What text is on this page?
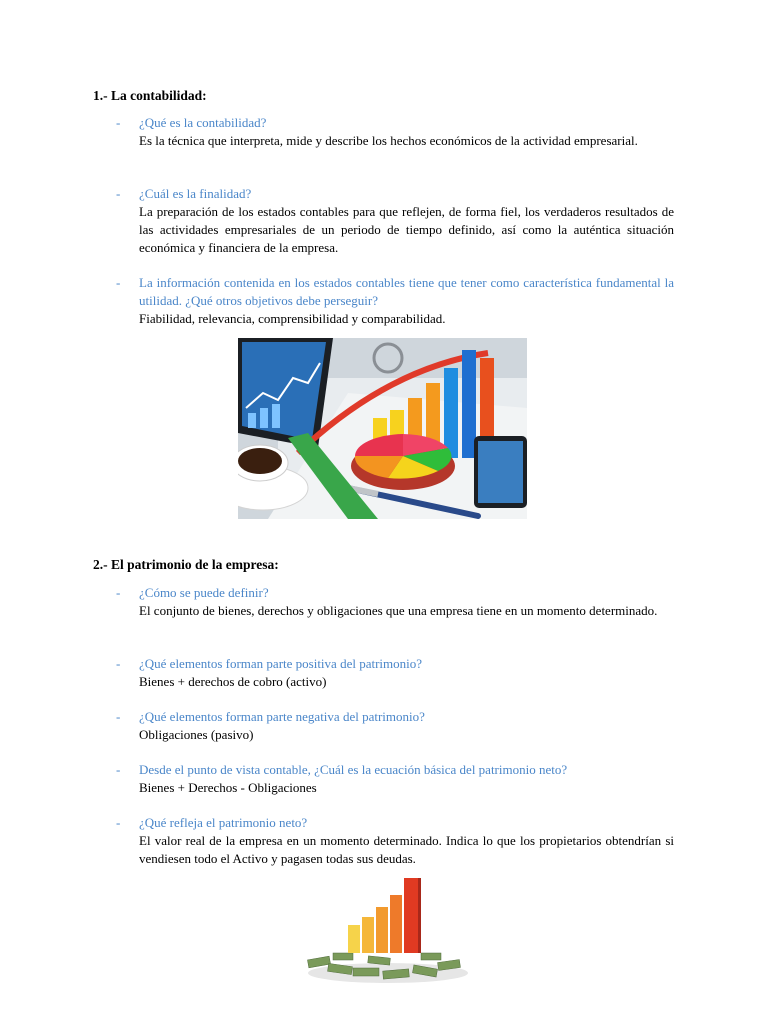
1.- La contabilidad:
- ¿Qué es la contabilidad?
Es la técnica que interpreta, mide y describe los hechos económicos de la actividad empresarial.
- ¿Cuál es la finalidad?
La preparación de los estados contables para que reflejen, de forma fiel, los verdaderos resultados de las actividades empresariales de un periodo de tiempo definido, así como la auténtica situación económica y financiera de la empresa.
- La información contenida en los estados contables tiene que tener como característica fundamental la utilidad. ¿Qué otros objetivos debe perseguir?
Fiabilidad, relevancia, comprensibilidad y comparabilidad.
2.- El patrimonio de la empresa:
- ¿Cómo se puede definir?
El conjunto de bienes, derechos y obligaciones que una empresa tiene en un momento determinado.
- ¿Qué elementos forman parte positiva del patrimonio?
Bienes + derechos de cobro (activo)
- ¿Qué elementos forman parte negativa del patrimonio?
Obligaciones (pasivo)
- Desde el punto de vista contable, ¿Cuál es la ecuación básica del patrimonio neto?
Bienes + Derechos - Obligaciones
- ¿Qué refleja el patrimonio neto?
El valor real de la empresa en un momento determinado. Indica lo que los propietarios obtendrían si vendiesen todo el Activo y pagasen todas sus deudas.
